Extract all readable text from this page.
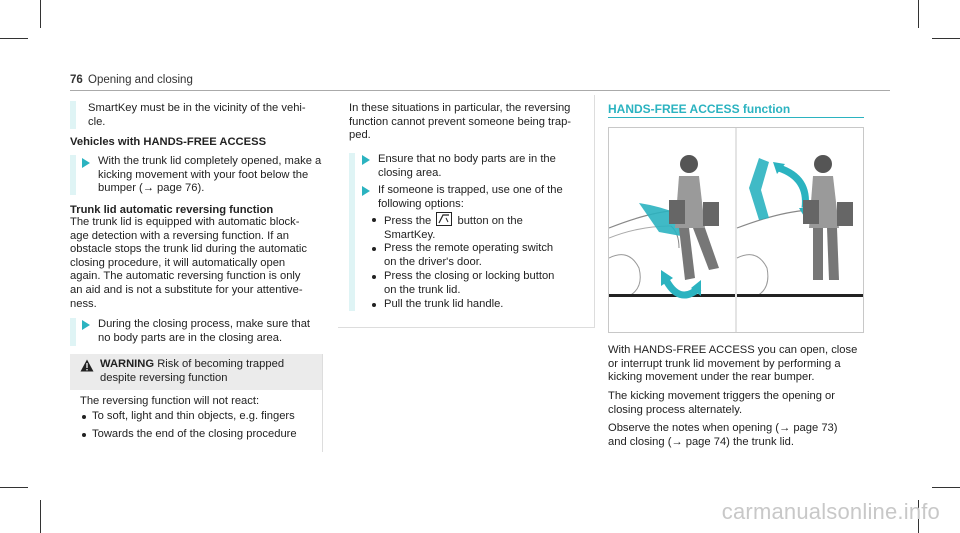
76 Opening and closing
SmartKey must be in the vicinity of the vehi-
cle.
Vehicles with HANDS-FREE ACCESS
With the trunk lid completely opened, make a
kicking movement with your foot below the
bumper (→ page 76).
Trunk lid automatic reversing function
The trunk lid is equipped with automatic block-
age detection with a reversing function. If an
obstacle stops the trunk lid during the automatic
closing procedure, it will automatically open
again. The automatic reversing function is only
an aid and is not a substitute for your attentive-
ness.
During the closing process, make sure that
no body parts are in the closing area.
WARNING Risk of becoming trapped
despite reversing function
The reversing function will not react:
To soft, light and thin objects, e.g. fingers
Towards the end of the closing procedure
In these situations in particular, the reversing
function cannot prevent someone being trap-
ped.
Ensure that no body parts are in the
closing area.
If someone is trapped, use one of the
following options:
Press the button on the
SmartKey.
Press the remote operating switch
on the driver's door.
Press the closing or locking button
on the trunk lid.
Pull the trunk lid handle.
HANDS-FREE ACCESS function
With HANDS-FREE ACCESS you can open, close
or interrupt trunk lid movement by performing a
kicking movement under the rear bumper.
The kicking movement triggers the opening or
closing process alternately.
Observe the notes when opening (→ page 73)
and closing (→ page 74) the trunk lid.
carmanualsonline.info
